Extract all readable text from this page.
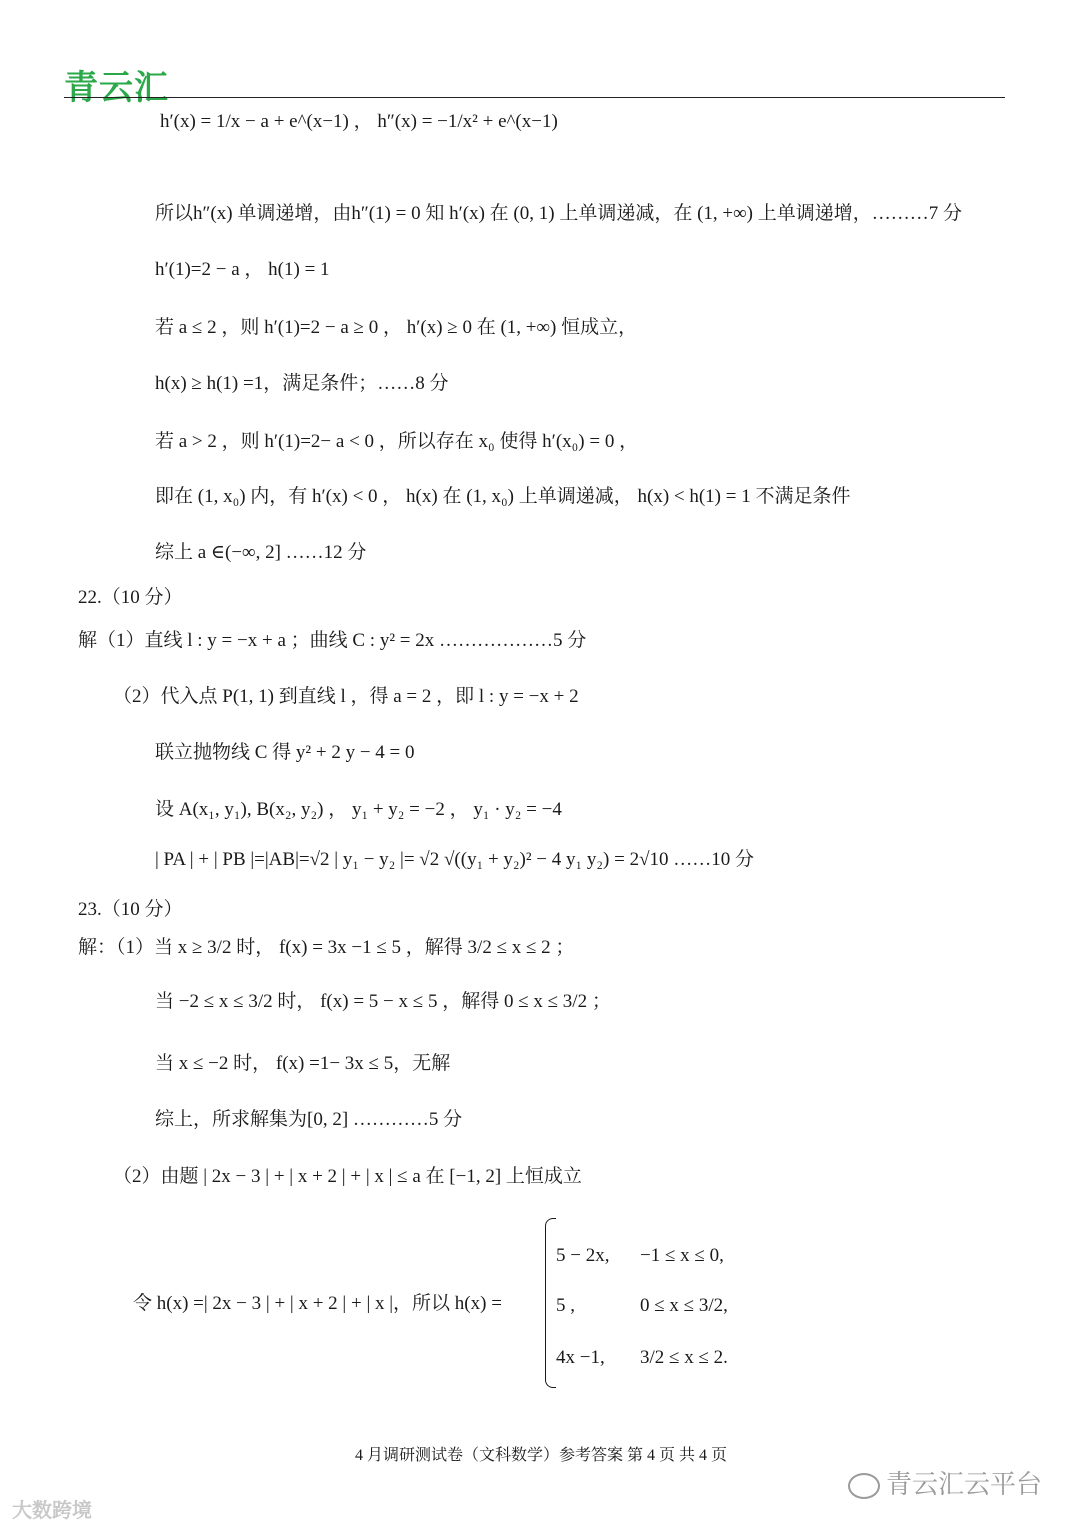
青云汇
h′(x) = 1/x − a + e^(x−1) ， h″(x) = −1/x² + e^(x−1)
所以h″(x) 单调递增，由h″(1) = 0 知 h′(x) 在 (0, 1) 上单调递减，在 (1, +∞) 上单调递增，………7 分
h′(1)=2 − a ， h(1) = 1
若 a ≤ 2 ，则 h′(1)=2 − a ≥ 0 ， h′(x) ≥ 0 在 (1, +∞) 恒成立，
h(x) ≥ h(1) =1，满足条件；……8 分
若 a > 2 ，则 h′(1)=2− a < 0 ，所以存在 x₀ 使得 h′(x₀) = 0 ，
即在 (1, x₀) 内，有 h′(x) < 0 ， h(x) 在 (1, x₀) 上单调递减， h(x) < h(1) = 1 不满足条件
综上 a ∈(−∞, 2] ……12 分
22.（10 分）
解（1）直线 l : y = −x + a ；曲线 C : y² = 2x ………………5 分
（2）代入点 P(1, 1) 到直线 l ，得 a = 2 ，即 l : y = −x + 2
联立抛物线 C 得 y² + 2 y − 4 = 0
设 A(x₁, y₁), B(x₂, y₂) ， y₁ + y₂ = −2 ， y₁ · y₂ = −4
| PA | + | PB |=|AB|=√2 | y₁ − y₂ |= √2 √((y₁ + y₂)² − 4 y₁ y₂) = 2√10 ……10 分
23.（10 分）
解：（1）当 x ≥ 3/2 时， f(x) = 3x −1 ≤ 5 ，解得 3/2 ≤ x ≤ 2 ；
当 −2 ≤ x ≤ 3/2 时， f(x) = 5 − x ≤ 5 ，解得 0 ≤ x ≤ 3/2 ；
当 x ≤ −2 时， f(x) =1− 3x ≤ 5，无解
综上，所求解集为[0, 2] …………5 分
（2）由题 | 2x − 3 | + | x + 2 | + | x | ≤ a 在 [−1, 2] 上恒成立
令 h(x) =| 2x − 3 | + | x + 2 | + | x |，所以 h(x) =
5 − 2x, −1 ≤ x ≤ 0,
5 ,	0 ≤ x ≤ 3/2,
4x −1, 3/2 ≤ x ≤ 2.
4 月调研测试卷（文科数学）参考答案 第 4 页 共 4 页
大数跨境
青云汇云平台
